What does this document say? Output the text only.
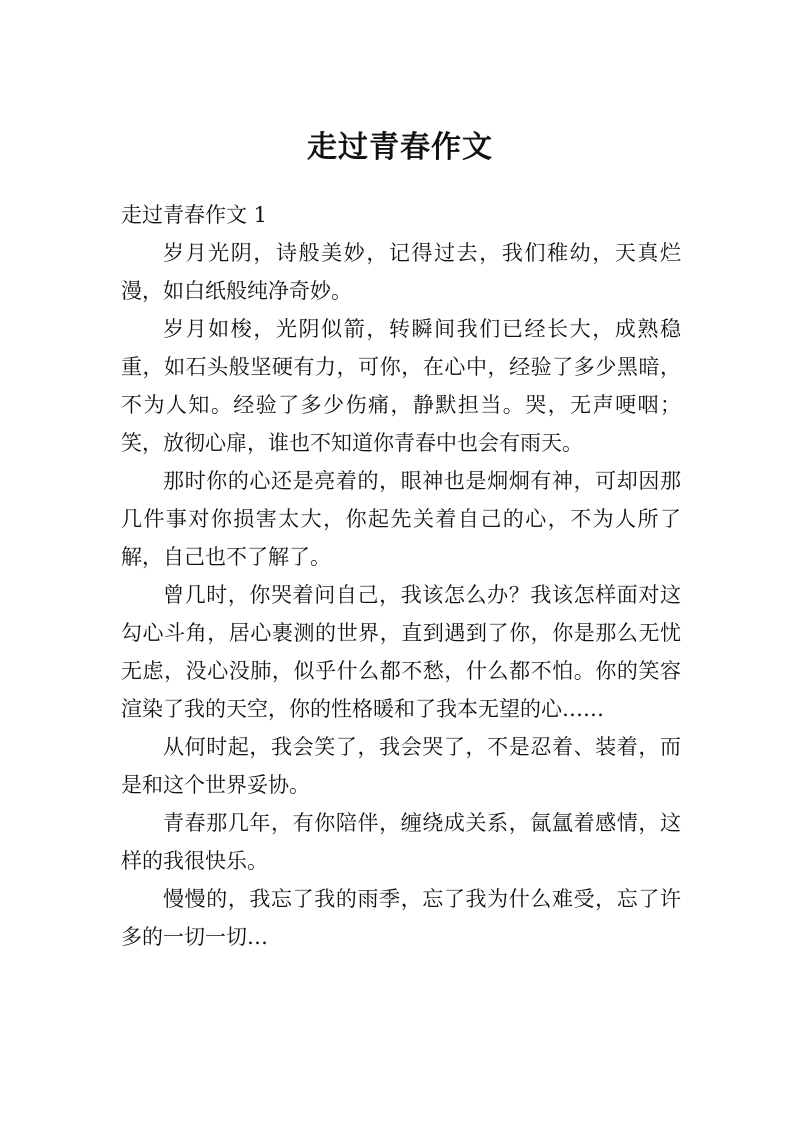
走过青春作文

走过青春作文 1

岁月光阴，诗般美妙，记得过去，我们稚幼，天真烂漫，如白纸般纯净奇妙。

岁月如梭，光阴似箭，转瞬间我们已经长大，成熟稳重，如石头般坚硬有力，可你，在心中，经验了多少黑暗，不为人知。经验了多少伤痛，静默担当。哭，无声哽咽；笑，放彻心扉，谁也不知道你青春中也会有雨天。

那时你的心还是亮着的，眼神也是炯炯有神，可却因那几件事对你损害太大，你起先关着自己的心，不为人所了解，自己也不了解了。

曾几时，你哭着问自己，我该怎么办？我该怎样面对这勾心斗角，居心裹测的世界，直到遇到了你，你是那么无忧无虑，没心没肺，似乎什么都不愁，什么都不怕。你的笑容渲染了我的天空，你的性格暖和了我本无望的心……

从何时起，我会笑了，我会哭了，不是忍着、装着，而是和这个世界妥协。

青春那几年，有你陪伴，缠绕成关系，氤氲着感情，这样的我很快乐。

慢慢的，我忘了我的雨季，忘了我为什么难受，忘了许多的一切一切…
